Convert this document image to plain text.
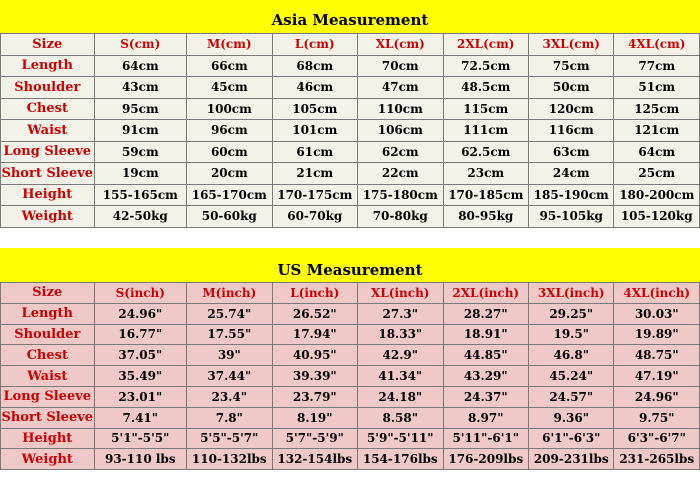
Asia Measurement
Size	S(cm)	M(cm)	L(cm)	XL(cm)	2XL(cm)	3XL(cm)	4XL(cm)
Length	64cm	66cm	68cm	70cm	72.5cm	75cm	77cm
Shoulder	43cm	45cm	46cm	47cm	48.5cm	50cm	51cm
Chest	95cm	100cm	105cm	110cm	115cm	120cm	125cm
Waist	91cm	96cm	101cm	106cm	111cm	116cm	121cm
Long Sleeve	59cm	60cm	61cm	62cm	62.5cm	63cm	64cm
Short Sleeve	19cm	20cm	21cm	22cm	23cm	24cm	25cm
Height	155-165cm	165-170cm	170-175cm	175-180cm	170-185cm	185-190cm	180-200cm
Weight	42-50kg	50-60kg	60-70kg	70-80kg	80-95kg	95-105kg	105-120kg
US Measurement
Size	S(inch)	M(inch)	L(inch)	XL(inch)	2XL(inch)	3XL(inch)	4XL(inch)
Length	24.96"	25.74"	26.52"	27.3"	28.27"	29.25"	30.03"
Shoulder	16.77"	17.55"	17.94"	18.33"	18.91"	19.5"	19.89"
Chest	37.05"	39"	40.95"	42.9"	44.85"	46.8"	48.75"
Waist	35.49"	37.44"	39.39"	41.34"	43.29"	45.24"	47.19"
Long Sleeve	23.01"	23.4"	23.79"	24.18"	24.37"	24.57"	24.96"
Short Sleeve	7.41"	7.8"	8.19"	8.58"	8.97"	9.36"	9.75"
Height	5'1"-5'5"	5'5"-5'7"	5'7"-5'9"	5'9"-5'11"	5'11"-6'1"	6'1"-6'3"	6'3"-6'7"
Weight	93-110 lbs	110-132lbs	132-154lbs	154-176lbs	176-209lbs	209-231lbs	231-265lbs
